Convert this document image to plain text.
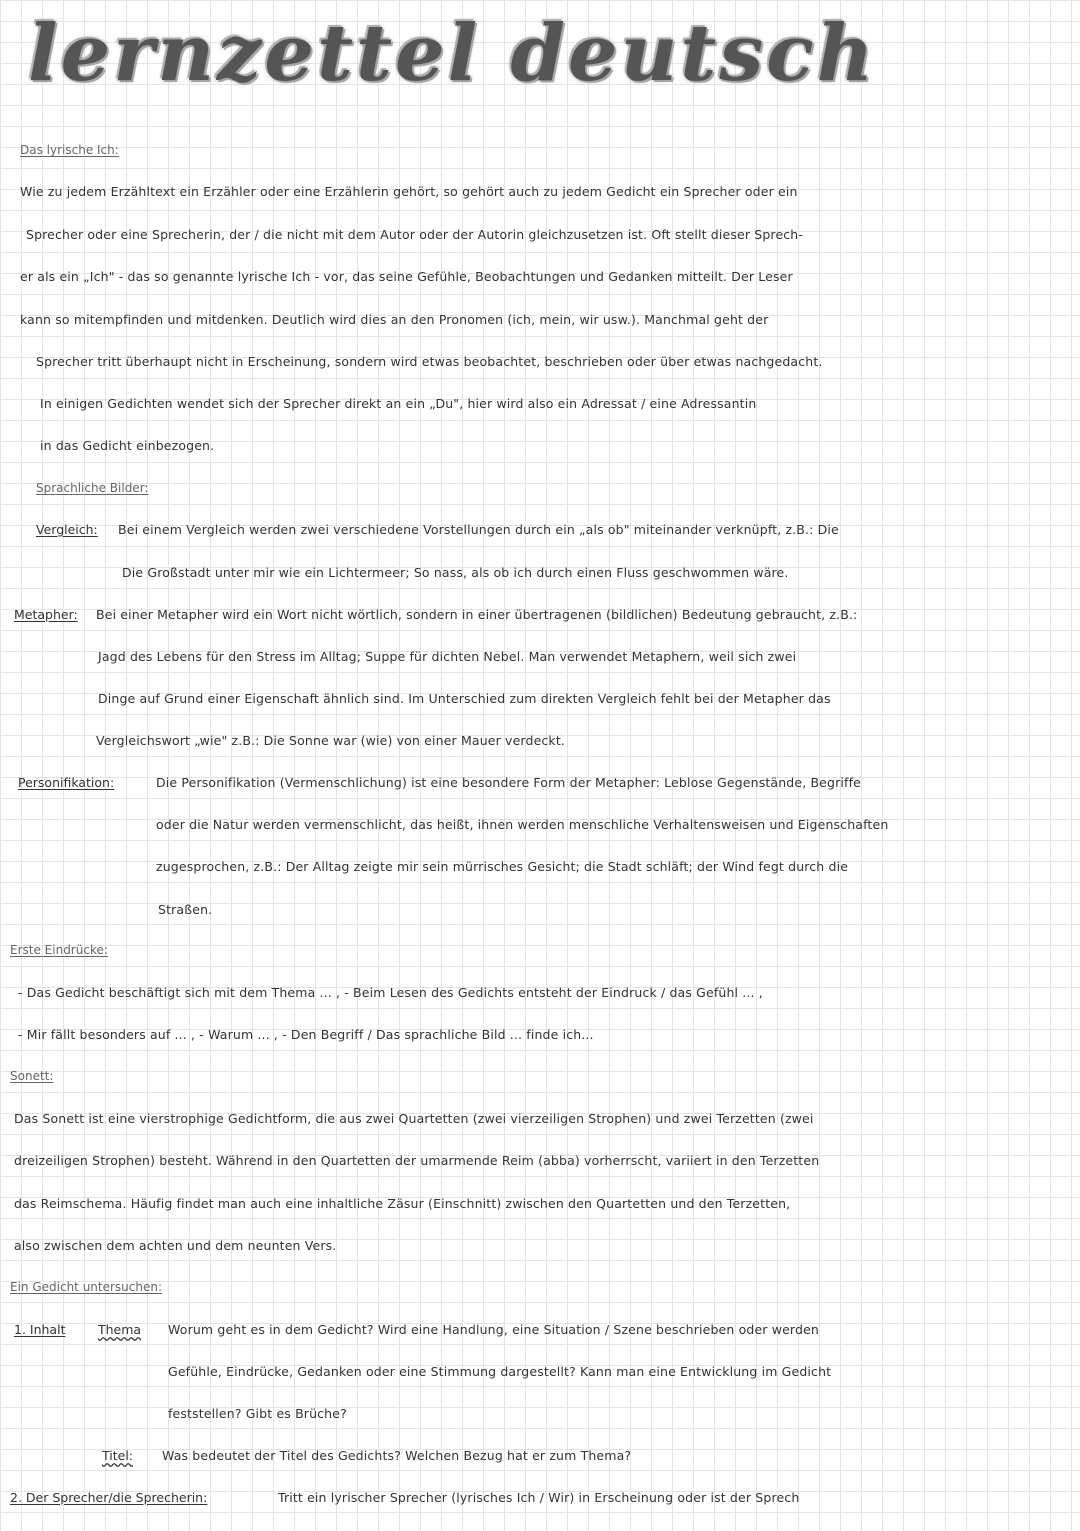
lernzettel deutsch
Das lyrische Ich:
Wie zu jedem Erzähltext ein Erzähler oder eine Erzählerin gehört, so gehört auch zu jedem Gedicht ein Sprecher oder ein
Sprecher oder eine Sprecherin, der / die nicht mit dem Autor oder der Autorin gleichzusetzen ist. Oft stellt dieser Sprech-
er als ein „Ich" - das so genannte lyrische Ich - vor, das seine Gefühle, Beobachtungen und Gedanken mitteilt. Der Leser
kann so mitempfinden und mitdenken. Deutlich wird dies an den Pronomen (ich, mein, wir usw.). Manchmal geht der
Sprecher tritt überhaupt nicht in Erscheinung, sondern wird etwas beobachtet, beschrieben oder über etwas nachgedacht.
In einigen Gedichten wendet sich der Sprecher direkt an ein „Du", hier wird also ein Adressat / eine Adressantin
in das Gedicht einbezogen.
Sprachliche Bilder:
Vergleich: Bei einem Vergleich werden zwei verschiedene Vorstellungen durch ein „als ob" miteinander verknüpft, z.B.: Die
Die Großstadt unter mir wie ein Lichtermeer; So nass, als ob ich durch einen Fluss geschwommen wäre.
Metapher: Bei einer Metapher wird ein Wort nicht wörtlich, sondern in einer übertragenen (bildlichen) Bedeutung gebraucht, z.B.:
Jagd des Lebens für den Stress im Alltag; Suppe für dichten Nebel. Man verwendet Metaphern, weil sich zwei
Dinge auf Grund einer Eigenschaft ähnlich sind. Im Unterschied zum direkten Vergleich fehlt bei der Metapher das
Vergleichswort „wie" z.B.: Die Sonne war (wie) von einer Mauer verdeckt.
Personifikation:	Die Personifikation (Vermenschlichung) ist eine besondere Form der Metapher: Leblose Gegenstände, Begriffe
oder die Natur werden vermenschlicht, das heißt, ihnen werden menschliche Verhaltensweisen und Eigenschaften
zugesprochen, z.B.: Der Alltag zeigte mir sein mürrisches Gesicht; die Stadt schläft; der Wind fegt durch die
Straßen.
Erste Eindrücke:
- Das Gedicht beschäftigt sich mit dem Thema ... , - Beim Lesen des Gedichts entsteht der Eindruck / das Gefühl ... ,
- Mir fällt besonders auf ... , - Warum ... , - Den Begriff / Das sprachliche Bild ... finde ich...
Sonett:
Das Sonett ist eine vierstrophige Gedichtform, die aus zwei Quartetten (zwei vierzeiligen Strophen) und zwei Terzetten (zwei
dreizeiligen Strophen) besteht. Während in den Quartetten der umarmende Reim (abba) vorherrscht, variiert in den Terzetten
das Reimschema. Häufig findet man auch eine inhaltliche Zäsur (Einschnitt) zwischen den Quartetten und den Terzetten,
also zwischen dem achten und dem neunten Vers.
Ein Gedicht untersuchen:
1. Inhalt	Thema Worum geht es in dem Gedicht? Wird eine Handlung, eine Situation / Szene beschrieben oder werden
Gefühle, Eindrücke, Gedanken oder eine Stimmung dargestellt? Kann man eine Entwicklung im Gedicht
feststellen? Gibt es Brüche?
Titel: Was bedeutet der Titel des Gedichts? Welchen Bezug hat er zum Thema?
2. Der Sprecher/die Sprecherin:	Tritt ein lyrischer Sprecher (lyrisches Ich / Wir) in Erscheinung oder ist der Sprech
